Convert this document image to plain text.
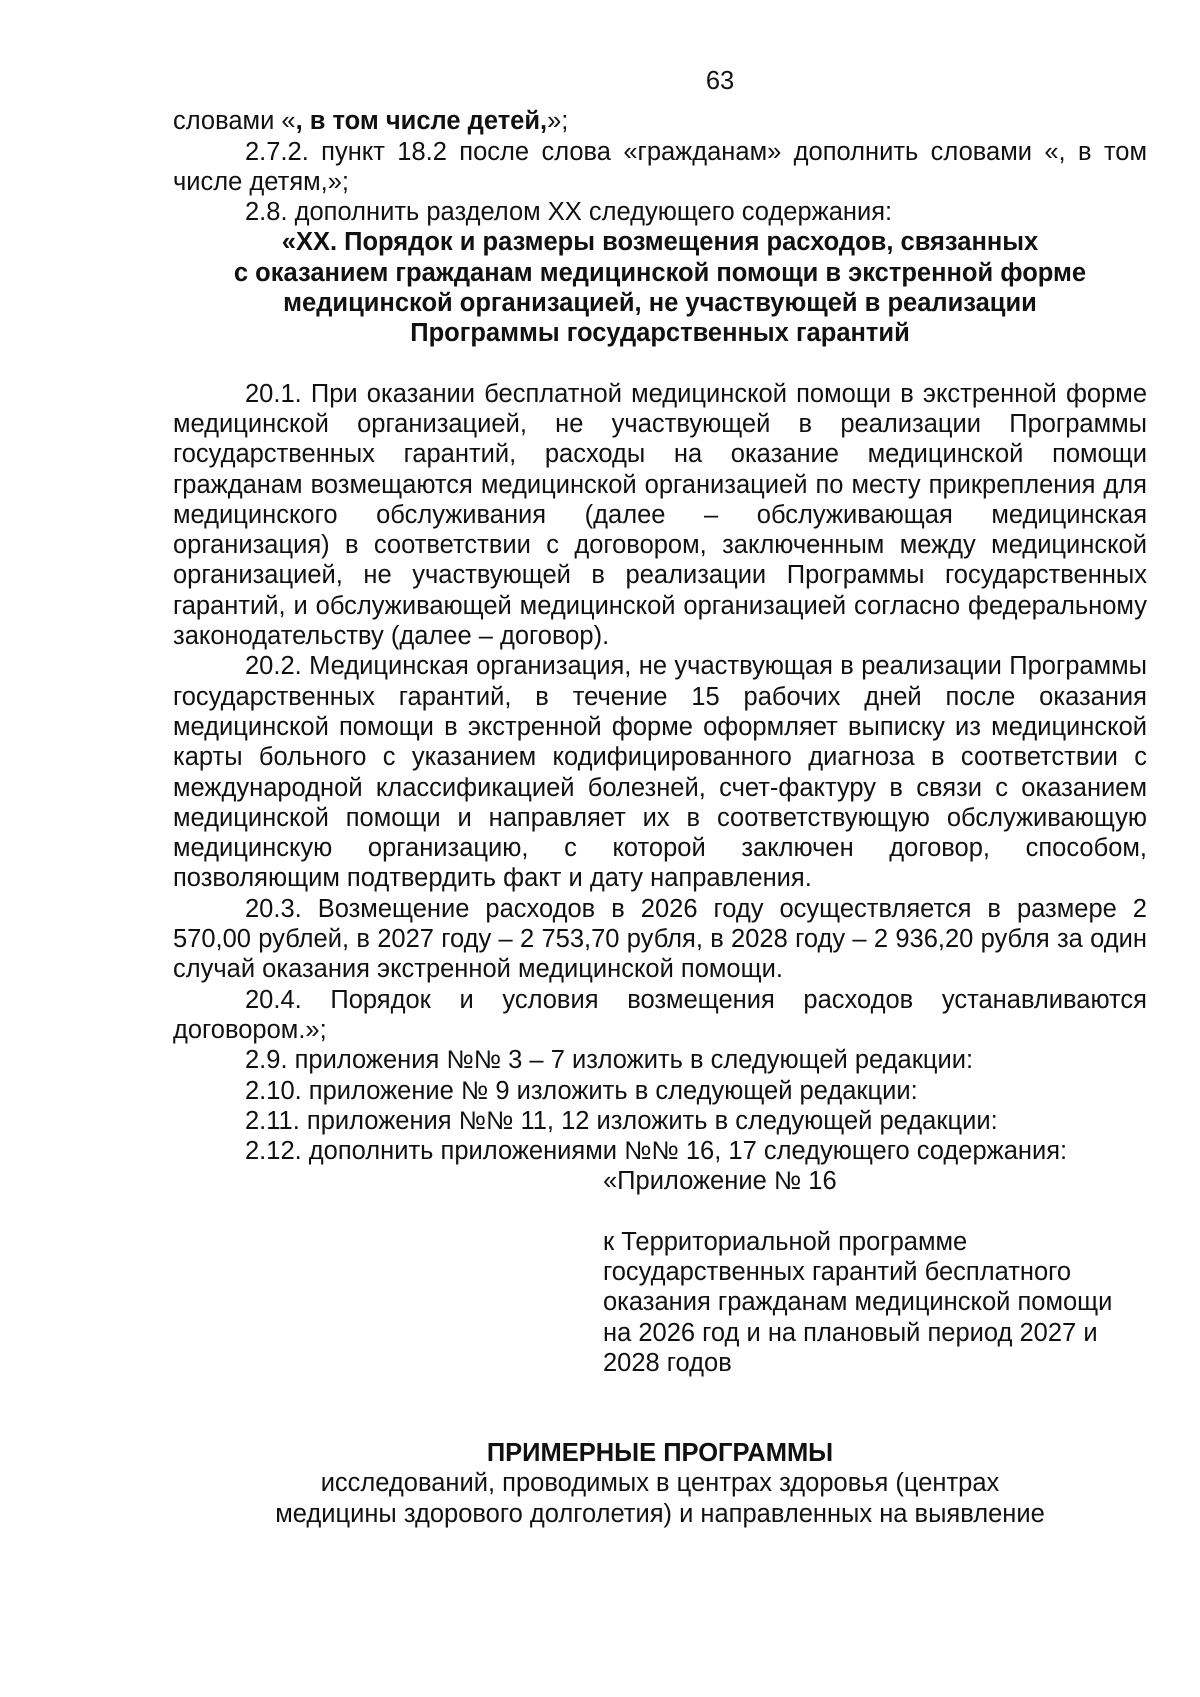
63

словами «, в том числе детей,»;

2.7.2. пункт 18.2 после слова «гражданам» дополнить словами «, в том числе детям,»;

2.8. дополнить разделом XX следующего содержания:

«XX. Порядок и размеры возмещения расходов, связанных
с оказанием гражданам медицинской помощи в экстренной форме
медицинской организацией, не участвующей в реализации
Программы государственных гарантий

20.1. При оказании бесплатной медицинской помощи в экстренной форме медицинской организацией, не участвующей в реализации Программы государственных гарантий, расходы на оказание медицинской помощи гражданам возмещаются медицинской организацией по месту прикрепления для медицинского обслуживания (далее – обслуживающая медицинская организация) в соответствии с договором, заключенным между медицинской организацией, не участвующей в реализации Программы государственных гарантий, и обслуживающей медицинской организацией согласно федеральному законодательству (далее – договор).

20.2. Медицинская организация, не участвующая в реализации Программы государственных гарантий, в течение 15 рабочих дней после оказания медицинской помощи в экстренной форме оформляет выписку из медицинской карты больного с указанием кодифицированного диагноза в соответствии с международной классификацией болезней, счет-фактуру в связи с оказанием медицинской помощи и направляет их в соответствующую обслуживающую медицинскую организацию, с которой заключен договор, способом, позволяющим подтвердить факт и дату направления.

20.3. Возмещение расходов в 2026 году осуществляется в размере 2 570,00 рублей, в 2027 году – 2 753,70 рубля, в 2028 году – 2 936,20 рубля за один случай оказания экстренной медицинской помощи.

20.4. Порядок и условия возмещения расходов устанавливаются договором.»;

2.9. приложения №№ 3 – 7 изложить в следующей редакции:

2.10. приложение № 9 изложить в следующей редакции:

2.11. приложения №№ 11, 12 изложить в следующей редакции:

2.12. дополнить приложениями №№ 16, 17 следующего содержания:

«Приложение № 16
к Территориальной программе
государственных гарантий бесплатного
оказания гражданам медицинской помощи
на 2026 год и на плановый период 2027 и
2028 годов
ПРИМЕРНЫЕ ПРОГРАММЫ
исследований, проводимых в центрах здоровья (центрах
медицины здорового долголетия) и направленных на выявление
